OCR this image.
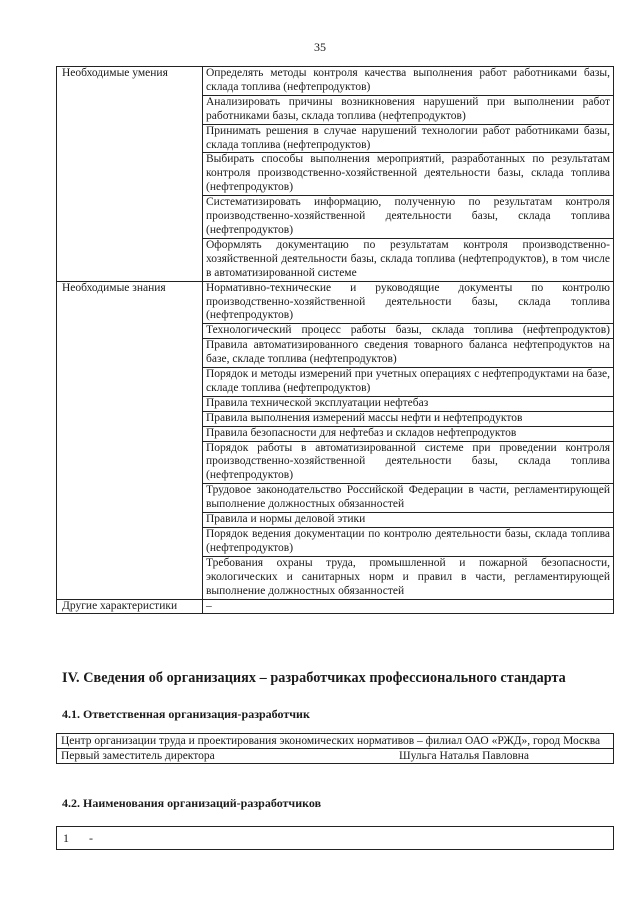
35
Необходимые умения	Определять методы контроля качества выполнения работ работниками базы, склада топлива (нефтепродуктов)
	Анализировать причины возникновения нарушений при выполнении работ работниками базы, склада топлива (нефтепродуктов)
	Принимать решения в случае нарушений технологии работ работниками базы, склада топлива (нефтепродуктов)
	Выбирать способы выполнения мероприятий, разработанных по результатам контроля производственно-хозяйственной деятельности базы, склада топлива (нефтепродуктов)
	Систематизировать информацию, полученную по результатам контроля производственно-хозяйственной деятельности базы, склада топлива (нефтепродуктов)
	Оформлять документацию по результатам контроля производственно-хозяйственной деятельности базы, склада топлива (нефтепродуктов), в том числе в автоматизированной системе
Необходимые знания	Нормативно-технические и руководящие документы по контролю производственно-хозяйственной деятельности базы, склада топлива (нефтепродуктов)
	Технологический процесс работы базы, склада топлива (нефтепродуктов)
	Правила автоматизированного сведения товарного баланса нефтепродуктов на базе, складе топлива (нефтепродуктов)
	Порядок и методы измерений при учетных операциях с нефтепродуктами на базе, складе топлива (нефтепродуктов)
	Правила технической эксплуатации нефтебаз
	Правила выполнения измерений массы нефти и нефтепродуктов
	Правила безопасности для нефтебаз и складов нефтепродуктов
	Порядок работы в автоматизированной системе при проведении контроля производственно-хозяйственной деятельности базы, склада топлива (нефтепродуктов)
	Трудовое законодательство Российской Федерации в части, регламентирующей выполнение должностных обязанностей
	Правила и нормы деловой этики
	Порядок ведения документации по контролю деятельности базы, склада топлива (нефтепродуктов)
	Требования охраны труда, промышленной и пожарной безопасности, экологических и санитарных норм и правил в части, регламентирующей выполнение должностных обязанностей
Другие характеристики	–
IV. Сведения об организациях – разработчиках профессионального стандарта
4.1. Ответственная организация-разработчик
Центр организации труда и проектирования экономических нормативов – филиал ОАО «РЖД», город Москва
Первый заместитель директора	Шульга Наталья Павловна
4.2. Наименования организаций-разработчиков
1	-
